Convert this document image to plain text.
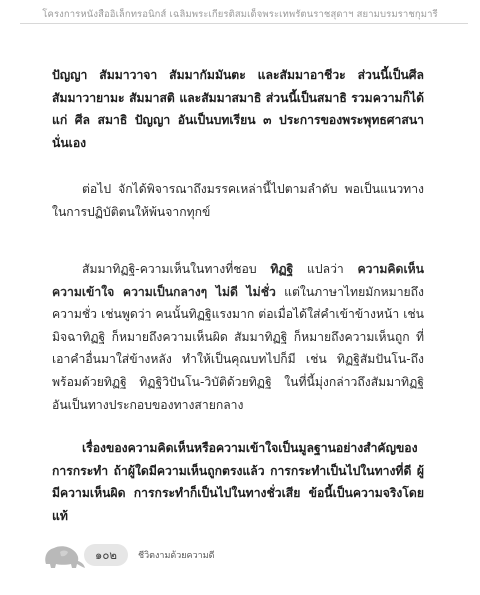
โครงการหนังสืออิเล็กทรอนิกส์ เฉลิมพระเกียรติสมเด็จพระเทพรัตนราชสุดาฯ สยามบรมราชกุมารี
ปัญญา สัมมาวาจา สัมมากัมมันตะ และสัมมาอาชีวะ ส่วนนี้เป็นศีล สัมมาวายามะ สัมมาสติ และสัมมาสมาธิ ส่วนนี้เป็นสมาธิ รวมความก็ได้แก่ ศีล สมาธิ ปัญญา อันเป็นบทเรียน ๓ ประการของพระพุทธศาสนานั่นเอง
ต่อไป จักได้พิจารณาถึงมรรคเหล่านี้ไปตามลำดับ พอเป็นแนวทางในการปฏิบัติตนให้พ้นจากทุกข์
สัมมาทิฏฐิ-ความเห็นในทางที่ชอบ ทิฏฐิ แปลว่า ความคิดเห็น ความเข้าใจ ความเป็นกลางๆ ไม่ดี ไม่ชั่ว แต่ในภาษาไทยมักหมายถึงความชั่ว เช่นพูดว่า คนนั้นทิฏฐิแรงมาก ต่อเมื่อได้ใส่คำเข้าข้างหน้า เช่น มิจฉาทิฏฐิ ก็หมายถึงความเห็นผิด สัมมาทิฏฐิ ก็หมายถึงความเห็นถูก ที่เอาคำอื่นมาใส่ข้างหลัง ทำให้เป็นคุณบทไปก็มี เช่น ทิฏฐิสัมปันโน-ถึงพร้อมด้วยทิฏฐิ ทิฏฐิวิปันโน-วิบัติด้วยทิฏฐิ ในที่นี้มุ่งกล่าวถึงสัมมาทิฏฐิ อันเป็นทางประกอบของทางสายกลาง
เรื่องของความคิดเห็นหรือความเข้าใจเป็นมูลฐานอย่างสำคัญของการกระทำ ถ้าผู้ใดมีความเห็นถูกตรงแล้ว การกระทำเป็นไปในทางที่ดี ผู้มีความเห็นผิด การกระทำก็เป็นไปในทางชั่วเสีย ข้อนี้เป็นความจริงโดยแท้
๑๐๒	ชีวิตงามด้วยความดี
